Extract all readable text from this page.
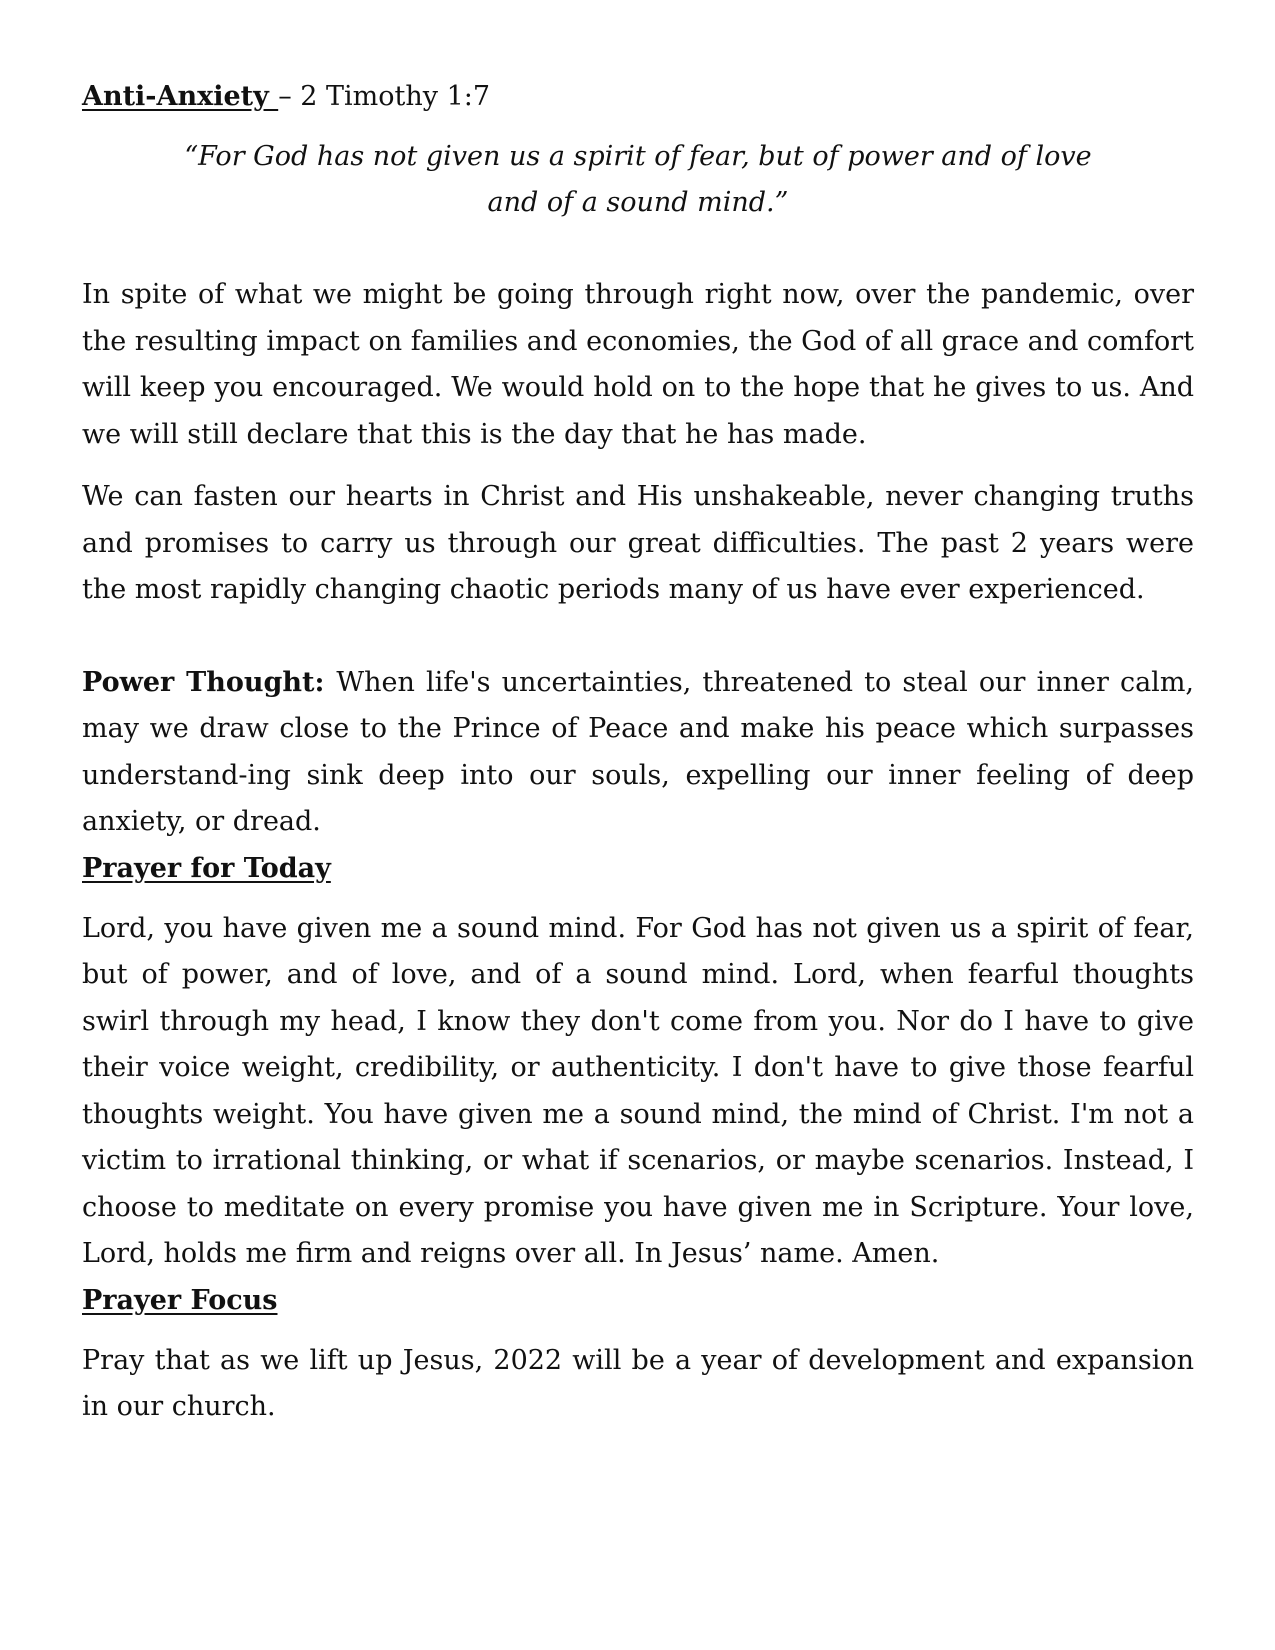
Anti-Anxiety – 2 Timothy 1:7

“For God has not given us a spirit of fear, but of power and of love and of a sound mind.”

In spite of what we might be going through right now, over the pandemic, over the resulting impact on families and economies, the God of all grace and comfort will keep you encouraged. We would hold on to the hope that he gives to us. And we will still declare that this is the day that he has made.

We can fasten our hearts in Christ and His unshakeable, never changing truths and promises to carry us through our great difficulties. The past 2 years were the most rapidly changing chaotic periods many of us have ever experienced.

Power Thought: When life's uncertainties, threatened to steal our inner calm, may we draw close to the Prince of Peace and make his peace which surpasses understand-ing sink deep into our souls, expelling our inner feeling of deep anxiety, or dread.

Prayer for Today

Lord, you have given me a sound mind. For God has not given us a spirit of fear, but of power, and of love, and of a sound mind. Lord, when fearful thoughts swirl through my head, I know they don't come from you. Nor do I have to give their voice weight, credibility, or authenticity. I don't have to give those fearful thoughts weight. You have given me a sound mind, the mind of Christ. I'm not a victim to irrational thinking, or what if scenarios, or maybe scenarios. Instead, I choose to meditate on every promise you have given me in Scripture. Your love, Lord, holds me firm and reigns over all. In Jesus’ name. Amen.

Prayer Focus

Pray that as we lift up Jesus, 2022 will be a year of development and expansion in our church.
